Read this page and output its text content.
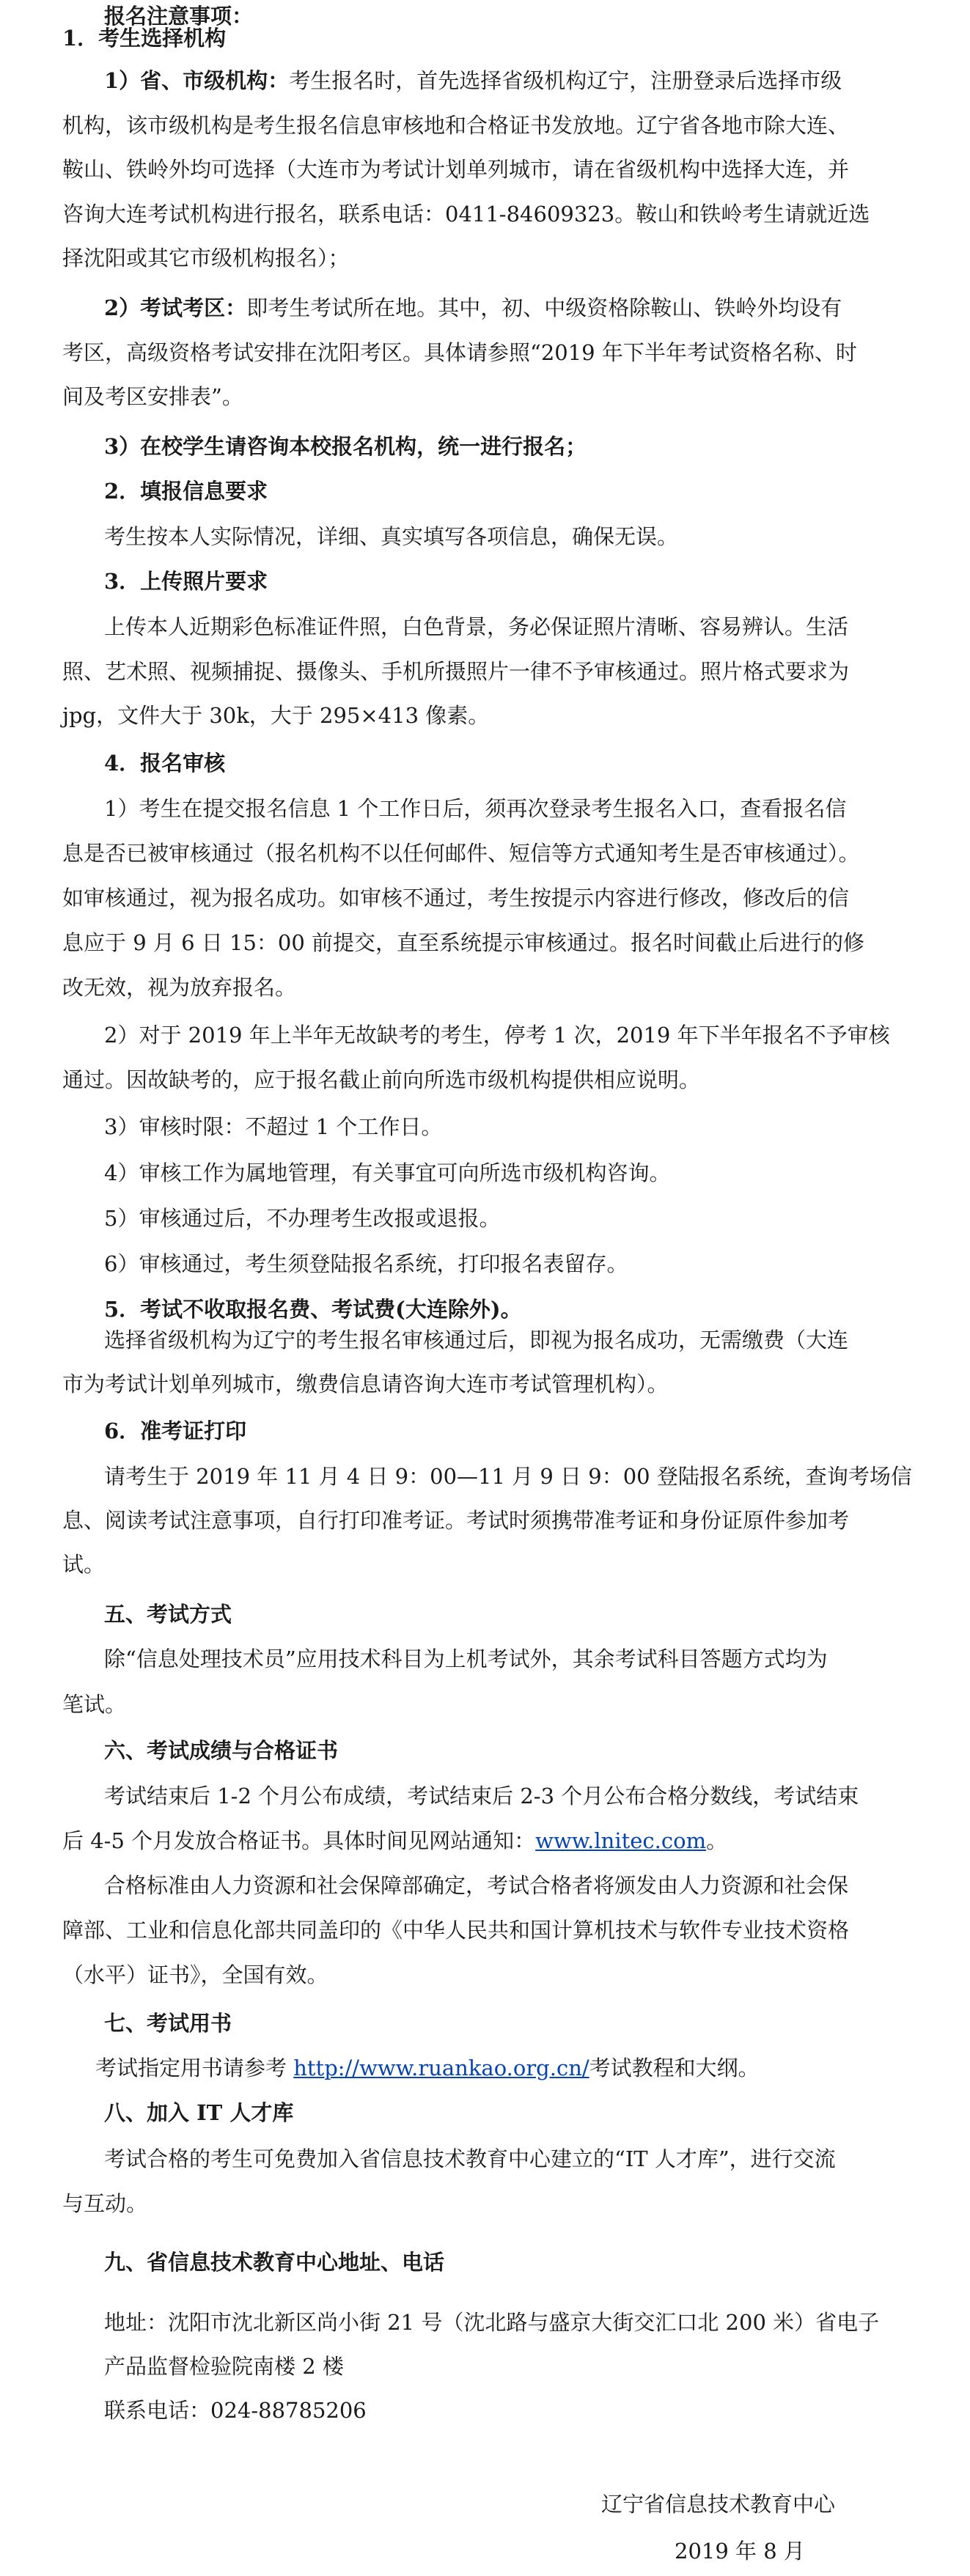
报名注意事项：

1．考生选择机构

1）省、市级机构：考生报名时，首先选择省级机构辽宁，注册登录后选择市级

机构，该市级机构是考生报名信息审核地和合格证书发放地。辽宁省各地市除大连、

鞍山、铁岭外均可选择（大连市为考试计划单列城市，请在省级机构中选择大连，并

咨询大连考试机构进行报名，联系电话：0411-84609323。鞍山和铁岭考生请就近选

择沈阳或其它市级机构报名）；

2）考试考区：即考生考试所在地。其中，初、中级资格除鞍山、铁岭外均设有

考区，高级资格考试安排在沈阳考区。具体请参照“2019 年下半年考试资格名称、时

间及考区安排表”。

3）在校学生请咨询本校报名机构，统一进行报名；

2．填报信息要求

考生按本人实际情况，详细、真实填写各项信息，确保无误。

3．上传照片要求

上传本人近期彩色标准证件照，白色背景，务必保证照片清晰、容易辨认。生活

照、艺术照、视频捕捉、摄像头、手机所摄照片一律不予审核通过。照片格式要求为

jpg，文件大于 30k，大于 295×413 像素。

4．报名审核

1）考生在提交报名信息 1 个工作日后，须再次登录考生报名入口，查看报名信

息是否已被审核通过（报名机构不以任何邮件、短信等方式通知考生是否审核通过）。

如审核通过，视为报名成功。如审核不通过，考生按提示内容进行修改，修改后的信

息应于 9 月 6 日 15：00 前提交，直至系统提示审核通过。报名时间截止后进行的修

改无效，视为放弃报名。

2）对于 2019 年上半年无故缺考的考生，停考 1 次，2019 年下半年报名不予审核

通过。因故缺考的，应于报名截止前向所选市级机构提供相应说明。

3）审核时限：不超过 1 个工作日。

4）审核工作为属地管理，有关事宜可向所选市级机构咨询。

5）审核通过后，不办理考生改报或退报。

6）审核通过，考生须登陆报名系统，打印报名表留存。

5．考试不收取报名费、考试费(大连除外)。

选择省级机构为辽宁的考生报名审核通过后，即视为报名成功，无需缴费（大连

市为考试计划单列城市，缴费信息请咨询大连市考试管理机构）。

6．准考证打印

请考生于 2019 年 11 月 4 日 9：00—11 月 9 日 9：00 登陆报名系统，查询考场信

息、阅读考试注意事项，自行打印准考证。考试时须携带准考证和身份证原件参加考

试。

五、考试方式

除“信息处理技术员”应用技术科目为上机考试外，其余考试科目答题方式均为

笔试。

六、考试成绩与合格证书

考试结束后 1-2 个月公布成绩，考试结束后 2-3 个月公布合格分数线，考试结束

后 4-5 个月发放合格证书。具体时间见网站通知：www.lnitec.com。

合格标准由人力资源和社会保障部确定，考试合格者将颁发由人力资源和社会保

障部、工业和信息化部共同盖印的《中华人民共和国计算机技术与软件专业技术资格

（水平）证书》，全国有效。

七、考试用书

考试指定用书请参考 http://www.ruankao.org.cn/考试教程和大纲。

八、加入 IT 人才库

考试合格的考生可免费加入省信息技术教育中心建立的“IT 人才库”，进行交流

与互动。

九、省信息技术教育中心地址、电话

地址：沈阳市沈北新区尚小街 21 号（沈北路与盛京大街交汇口北 200 米）省电子

产品监督检验院南楼 2 楼

联系电话：024-88785206

辽宁省信息技术教育中心

2019 年 8 月
